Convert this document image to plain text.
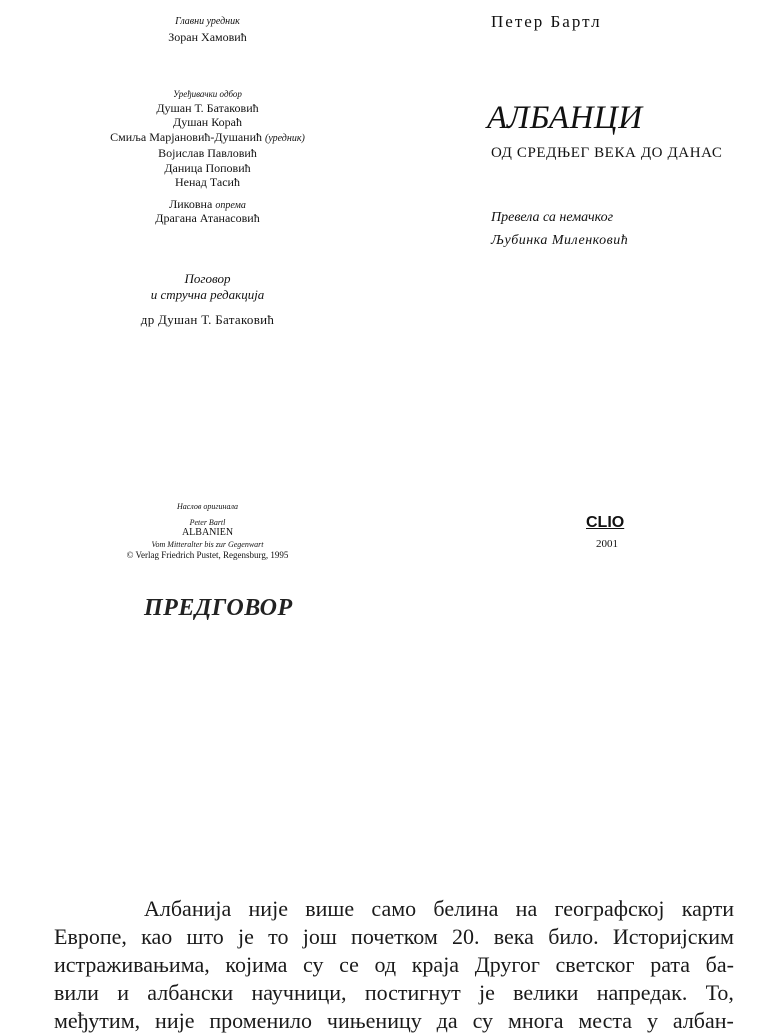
Главни уредник
Зоран Хамовић
Уређивачки одбор
Душан Т. Батаковић
Душан Кораћ
Смиља Марјановић-Душанић (уредник)
Војислав Павловић
Даница Поповић
Ненад Тасић
Ликовна опрема
Драгана Атанасовић
Поговор
и стручна редакција
др Душан Т. Батаковић
Наслов оригинала
Peter Bartl
ALBANIEN
Vom Mitteralter bis zur Gegenwart
© Verlag Friedrich Pustet, Regensburg, 1995
Петер Бартл
АЛБАНЦИ
ОД СРЕДЊЕГ ВЕКА ДО ДАНАС
Превела са немачког
Љубинка Миленковић
CLIO
2001
ПРЕДГОВОР
Албанија није више само белина на географској карти
Европе, као што је то још почетком 20. века било. Историјским
истраживањима, којима су се од краја Другог светског рата ба-
вили и албански научници, постигнут је велики напредак. То,
међутим, није променило чињеницу да су многа места у албан-
